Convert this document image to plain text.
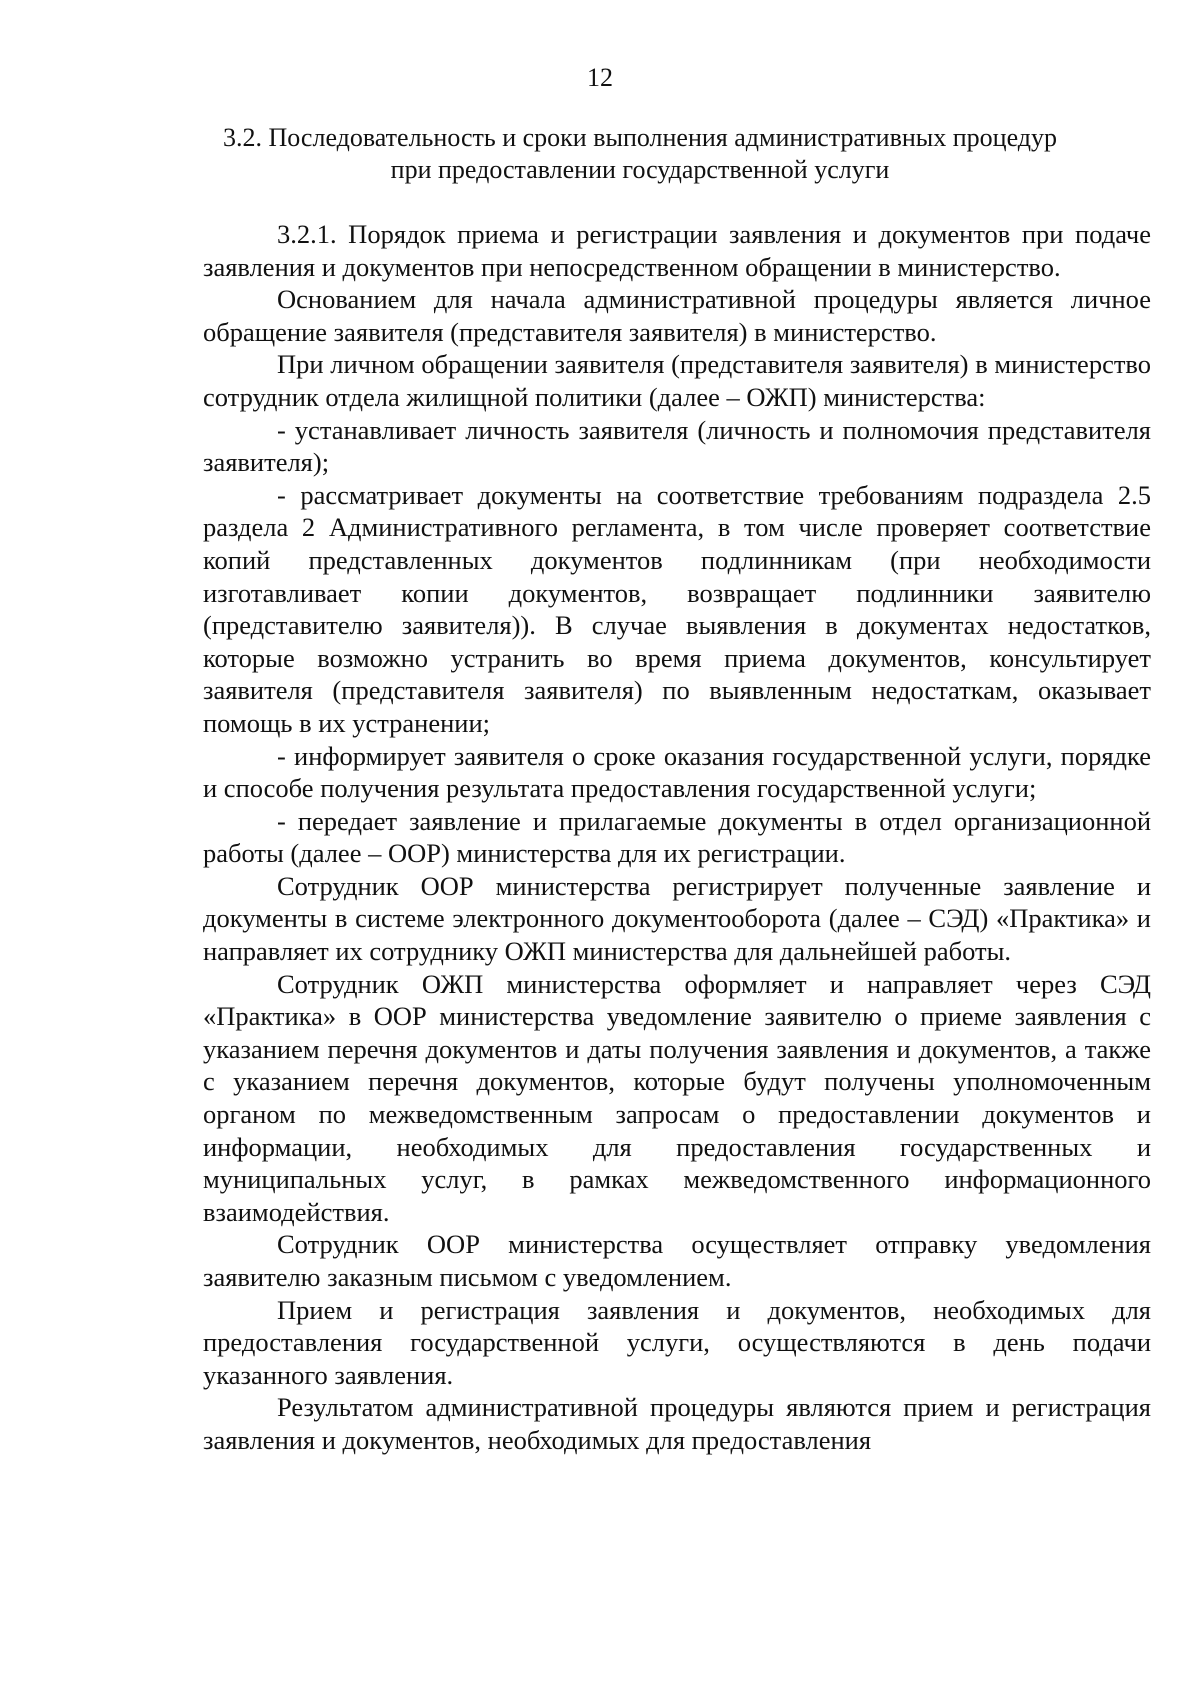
12
3.2. Последовательность и сроки выполнения административных процедур
при предоставлении государственной услуги

3.2.1. Порядок приема и регистрации заявления и документов при подаче заявления и документов при непосредственном обращении в министерство.

Основанием для начала административной процедуры является личное обращение заявителя (представителя заявителя) в министерство.

При личном обращении заявителя (представителя заявителя) в министерство сотрудник отдела жилищной политики (далее – ОЖП) министерства:

- устанавливает личность заявителя (личность и полномочия представителя заявителя);

- рассматривает документы на соответствие требованиям подраздела 2.5 раздела 2 Административного регламента, в том числе проверяет соответствие копий представленных документов подлинникам (при необходимости изготавливает копии документов, возвращает подлинники заявителю (представителю заявителя)). В случае выявления в документах недостатков, которые возможно устранить во время приема документов, консультирует заявителя (представителя заявителя) по выявленным недостаткам, оказывает помощь в их устранении;

- информирует заявителя о сроке оказания государственной услуги, порядке и способе получения результата предоставления государственной услуги;

- передает заявление и прилагаемые документы в отдел организационной работы (далее – ООР) министерства для их регистрации.

Сотрудник ООР министерства регистрирует полученные заявление и документы в системе электронного документооборота (далее – СЭД) «Практика» и направляет их сотруднику ОЖП министерства для дальнейшей работы.

Сотрудник ОЖП министерства оформляет и направляет через СЭД «Практика» в ООР министерства уведомление заявителю о приеме заявления с указанием перечня документов и даты получения заявления и документов, а также с указанием перечня документов, которые будут получены уполномоченным органом по межведомственным запросам о предоставлении документов и информации, необходимых для предоставления государственных и муниципальных услуг, в рамках межведомственного информационного взаимодействия.

Сотрудник ООР министерства осуществляет отправку уведомления заявителю заказным письмом с уведомлением.

Прием и регистрация заявления и документов, необходимых для предоставления государственной услуги, осуществляются в день подачи указанного заявления.

Результатом административной процедуры являются прием и регистрация заявления и документов, необходимых для предоставления
